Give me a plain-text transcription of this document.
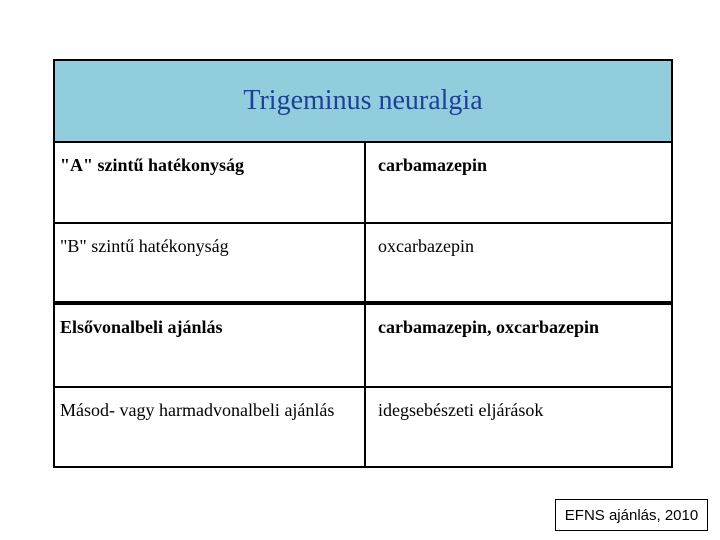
Trigeminus neuralgia
"A" szintű hatékonyság	carbamazepin
"B" szintű hatékonyság	oxcarbazepin
Elsővonalbeli ajánlás	carbamazepin, oxcarbazepin
Másod- vagy harmadvonalbeli ajánlás	idegsebészeti eljárások
EFNS ajánlás, 2010
